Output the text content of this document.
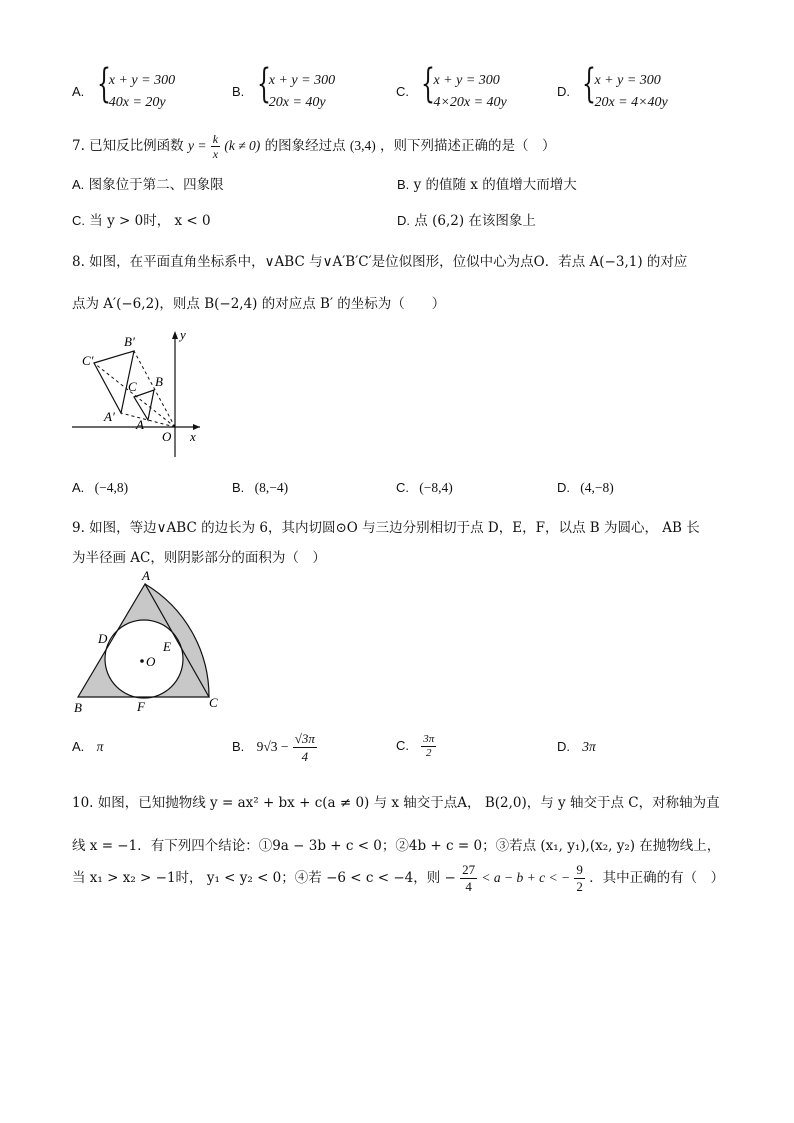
A. {
x + y = 300
40x = 20y
B. {
x + y = 300
20x = 40y
C. {
x + y = 300
4×20x = 40y
D. {
x + y = 300
20x = 4×40y
7. 已知反比例函数 $y = \frac{k}{x} (k \ne 0)$ 的图象经过点 (3,4) ，则下列描述正确的是（　）
A. 图象位于第二、四象限	B. y 的值随 x 的值增大而增大
C. 当 y > 0时， x < 0	D. 点 (6,2) 在该图象上
8. 如图，在平面直角坐标系中，∨ABC 与∨A′B′C′是位似图形，位似中心为点O．若点 A(−3,1) 的对应
点为 A′(−6,2)，则点 B(−2,4) 的对应点 B′ 的坐标为（　　）
y
x
O
A
B
C
A′
B′
C′
A. (−4,8)	B. (8,−4)	C. (−8,4)	D. (4,−8)
9. 如图，等边∨ABC 的边长为 6，其内切圆⊙O 与三边分别相切于点 D，E，F，以点 B 为圆心， AB 长
为半径画 AC，则阴影部分的面积为（　）
A
B	C
D
E
F
O
A. π	B. $9√3 - \frac{√3\pi}{4}$	C. $\frac{3\pi}{2}$	D. 3π
10. 如图，已知抛物线 y = ax² + bx + c(a ≠ 0) 与 x 轴交于点A， B(2,0)，与 y 轴交于点 C，对称轴为直
线 x = −1．有下列四个结论：①9a − 3b + c < 0；②4b + c = 0；③若点 (x₁, y₁),(x₂, y₂) 在抛物线上，
当 x₁ > x₂ > −1时， y₁ < y₂ < 0；④若 −6 < c < −4，则 − $\frac{27}{4} < a - b + c$ < − $\frac{9}{2}$ ．其中正确的有（　）
